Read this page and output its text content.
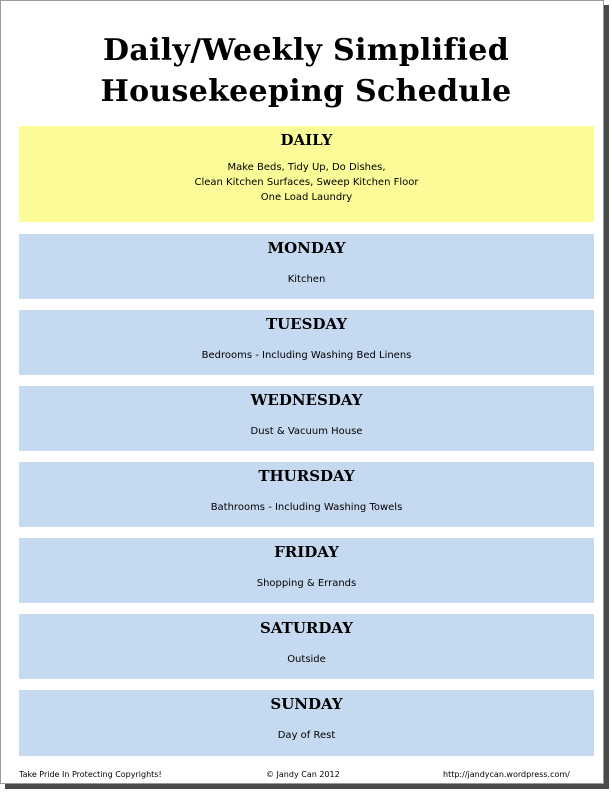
Daily/Weekly Simplified
Housekeeping Schedule
DAILY
Make Beds, Tidy Up, Do Dishes,
Clean Kitchen Surfaces, Sweep Kitchen Floor
One Load Laundry
MONDAY
Kitchen
TUESDAY
Bedrooms - Including Washing Bed Linens
WEDNESDAY
Dust & Vacuum House
THURSDAY
Bathrooms - Including Washing Towels
FRIDAY
Shopping & Errands
SATURDAY
Outside
SUNDAY
Day of Rest
Take Pride In Protecting Copyrights!	© Jandy Can 2012	http://jandycan.wordpress.com/
